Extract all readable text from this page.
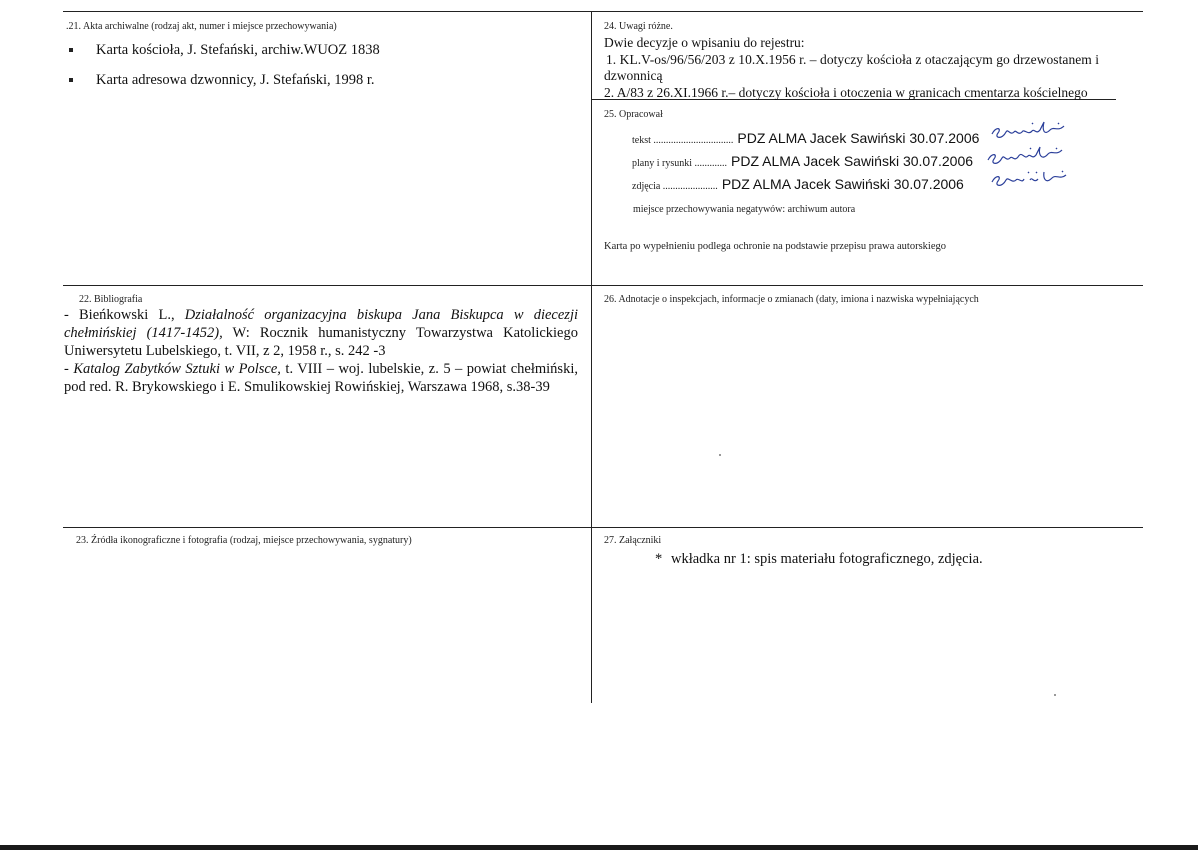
.21. Akta archiwalne (rodzaj akt, numer i miejsce przechowywania)
Karta kościoła, J. Stefański, archiw.WUOZ 1838
Karta adresowa dzwonnicy, J. Stefański, 1998 r.
24. Uwagi różne.

Dwie decyzje o wpisaniu do rejestru:

1. KL.V-os/96/56/203 z 10.X.1956 r. – dotyczy kościoła z otaczającym go drzewostanem i

dzwonnicą

2. A/83 z 26.XI.1966 r.– dotyczy kościoła i otoczenia w granicach cmentarza kościelnego

25. Opracował
tekst ................................ PDZ ALMA Jacek Sawiński 30.07.2006
plany i rysunki ............. PDZ ALMA Jacek Sawiński 30.07.2006
zdjęcia ...................... PDZ ALMA Jacek Sawiński 30.07.2006
miejsce przechowywania negatywów: archiwum autora
Karta po wypełnieniu podlega ochronie na podstawie przepisu prawa autorskiego
22. Bibliografia

- Bieńkowski L., Działalność organizacyjna biskupa Jana Biskupca w diecezji chełmińskiej (1417-1452), W: Rocznik humanistyczny Towarzystwa Katolickiego Uniwersytetu Lubelskiego, t. VII, z 2, 1958 r., s. 242 -3

- Katalog Zabytków Sztuki w Polsce, t. VIII – woj. lubelskie, z. 5 – powiat chełmiński, pod red. R. Brykowskiego i E. Smulikowskiej Rowińskiej, Warszawa 1968, s.38-39

26. Adnotacje o inspekcjach, informacje o zmianach (daty, imiona i nazwiska wypełniających
23. Źródła ikonograficzne i fotografia (rodzaj, miejsce przechowywania, sygnatury)	27. Załączniki
* wkładka nr 1: spis materiału fotograficznego, zdjęcia.
